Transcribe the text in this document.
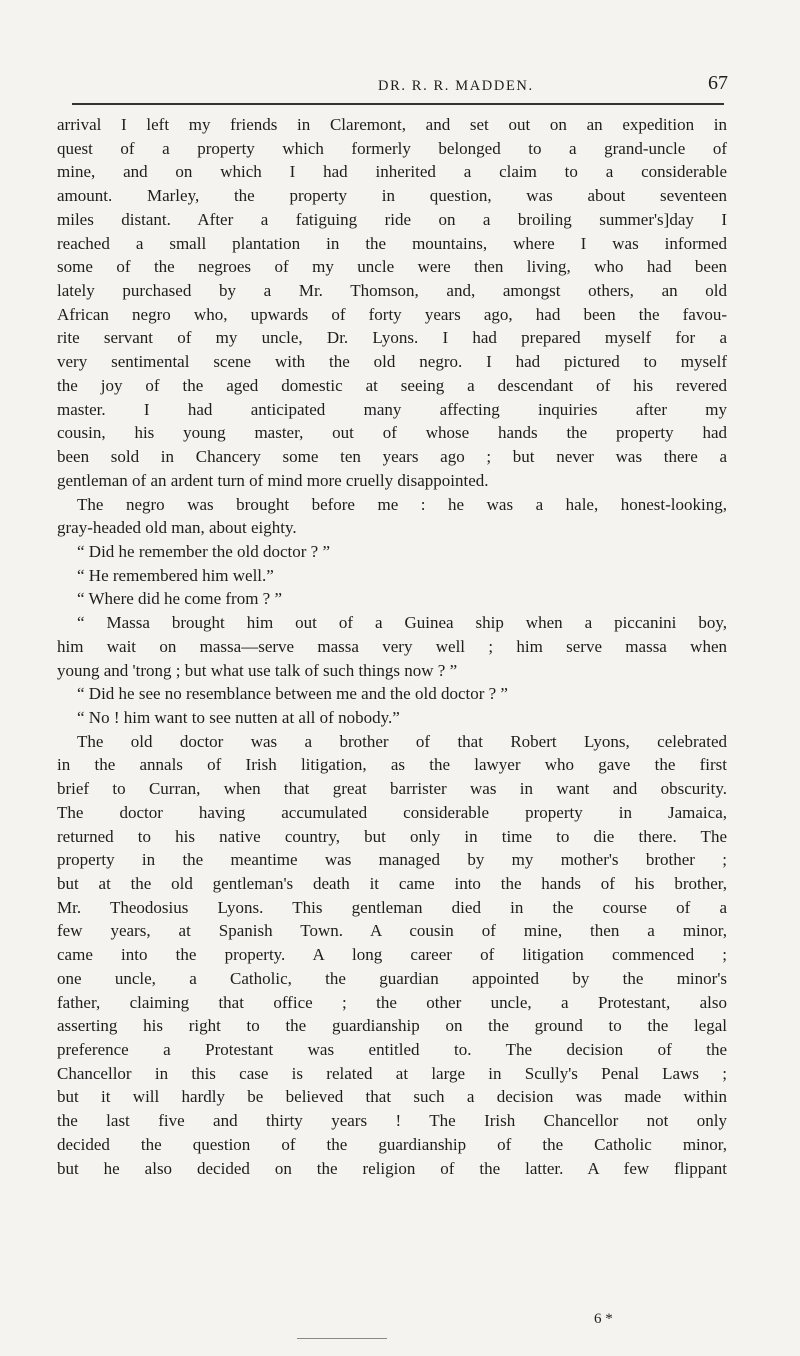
DR. R. R. MADDEN.	67
arrival I left my friends in Claremont, and set out on an expedition in
quest of a property which formerly belonged to a grand-uncle of
mine, and on which I had inherited a claim to a considerable
amount. Marley, the property in question, was about seventeen
miles distant. After a fatiguing ride on a broiling summer's]day I
reached a small plantation in the mountains, where I was informed
some of the negroes of my uncle were then living, who had been
lately purchased by a Mr. Thomson, and, amongst others, an old
African negro who, upwards of forty years ago, had been the favou-
rite servant of my uncle, Dr. Lyons. I had prepared myself for a
very sentimental scene with the old negro. I had pictured to myself
the joy of the aged domestic at seeing a descendant of his revered
master. I had anticipated many affecting inquiries after my
cousin, his young master, out of whose hands the property had
been sold in Chancery some ten years ago ; but never was there a
gentleman of an ardent turn of mind more cruelly disappointed.
The negro was brought before me : he was a hale, honest-looking,
gray-headed old man, about eighty.
“ Did he remember the old doctor ? ”
“ He remembered him well.”
“ Where did he come from ? ”
“ Massa brought him out of a Guinea ship when a piccanini boy,
him wait on massa—serve massa very well ; him serve massa when
young and 'trong ; but what use talk of such things now ? ”
“ Did he see no resemblance between me and the old doctor ? ”
“ No ! him want to see nutten at all of nobody.”
The old doctor was a brother of that Robert Lyons, celebrated
in the annals of Irish litigation, as the lawyer who gave the first
brief to Curran, when that great barrister was in want and obscurity.
The doctor having accumulated considerable property in Jamaica,
returned to his native country, but only in time to die there. The
property in the meantime was managed by my mother's brother ;
but at the old gentleman's death it came into the hands of his brother,
Mr. Theodosius Lyons. This gentleman died in the course of a
few years, at Spanish Town. A cousin of mine, then a minor,
came into the property. A long career of litigation commenced ;
one uncle, a Catholic, the guardian appointed by the minor's
father, claiming that office ; the other uncle, a Protestant, also
asserting his right to the guardianship on the ground to the legal
preference a Protestant was entitled to. The decision of the
Chancellor in this case is related at large in Scully's Penal Laws ;
but it will hardly be believed that such a decision was made within
the last five and thirty years ! The Irish Chancellor not only
decided the question of the guardianship of the Catholic minor,
but he also decided on the religion of the latter. A few flippant
6 *
